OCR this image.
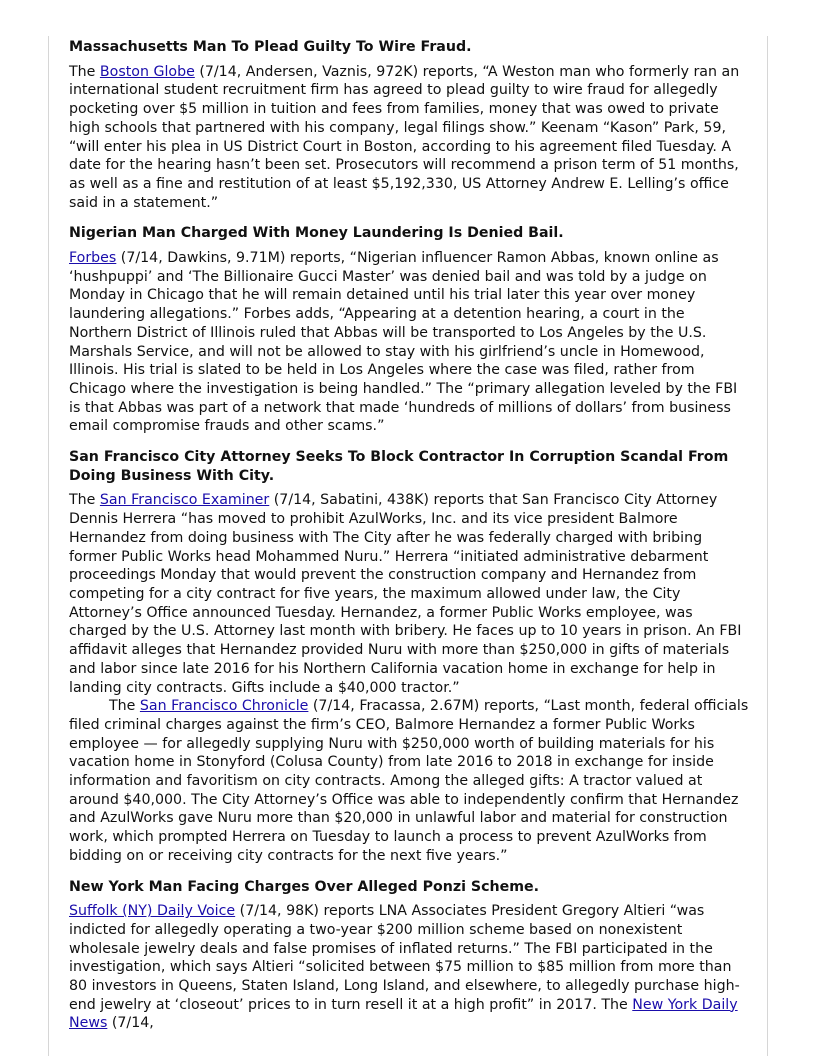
Massachusetts Man To Plead Guilty To Wire Fraud.

The Boston Globe (7/14, Andersen, Vaznis, 972K) reports, “A Weston man who formerly ran an international student recruitment firm has agreed to plead guilty to wire fraud for allegedly pocketing over $5 million in tuition and fees from families, money that was owed to private high schools that partnered with his company, legal filings show.” Keenam “Kason” Park, 59, “will enter his plea in US District Court in Boston, according to his agreement filed Tuesday. A date for the hearing hasn’t been set. Prosecutors will recommend a prison term of 51 months, as well as a fine and restitution of at least $5,192,330, US Attorney Andrew E. Lelling’s office said in a statement.”

Nigerian Man Charged With Money Laundering Is Denied Bail.

Forbes (7/14, Dawkins, 9.71M) reports, “Nigerian influencer Ramon Abbas, known online as ‘hushpuppi’ and ‘The Billionaire Gucci Master’ was denied bail and was told by a judge on Monday in Chicago that he will remain detained until his trial later this year over money laundering allegations.” Forbes adds, “Appearing at a detention hearing, a court in the Northern District of Illinois ruled that Abbas will be transported to Los Angeles by the U.S. Marshals Service, and will not be allowed to stay with his girlfriend’s uncle in Homewood, Illinois. His trial is slated to be held in Los Angeles where the case was filed, rather from Chicago where the investigation is being handled.” The “primary allegation leveled by the FBI is that Abbas was part of a network that made ‘hundreds of millions of dollars’ from business email compromise frauds and other scams.”

San Francisco City Attorney Seeks To Block Contractor In Corruption Scandal From Doing Business With City.

The San Francisco Examiner (7/14, Sabatini, 438K) reports that San Francisco City Attorney Dennis Herrera “has moved to prohibit AzulWorks, Inc. and its vice president Balmore Hernandez from doing business with The City after he was federally charged with bribing former Public Works head Mohammed Nuru.” Herrera “initiated administrative debarment proceedings Monday that would prevent the construction company and Hernandez from competing for a city contract for five years, the maximum allowed under law, the City Attorney’s Office announced Tuesday. Hernandez, a former Public Works employee, was charged by the U.S. Attorney last month with bribery. He faces up to 10 years in prison. An FBI affidavit alleges that Hernandez provided Nuru with more than $250,000 in gifts of materials and labor since late 2016 for his Northern California vacation home in exchange for help in landing city contracts. Gifts include a $40,000 tractor.”

The San Francisco Chronicle (7/14, Fracassa, 2.67M) reports, “Last month, federal officials filed criminal charges against the firm’s CEO, Balmore Hernandez a former Public Works employee — for allegedly supplying Nuru with $250,000 worth of building materials for his vacation home in Stonyford (Colusa County) from late 2016 to 2018 in exchange for inside information and favoritism on city contracts. Among the alleged gifts: A tractor valued at around $40,000. The City Attorney’s Office was able to independently confirm that Hernandez and AzulWorks gave Nuru more than $20,000 in unlawful labor and material for construction work, which prompted Herrera on Tuesday to launch a process to prevent AzulWorks from bidding on or receiving city contracts for the next five years.”

New York Man Facing Charges Over Alleged Ponzi Scheme.

Suffolk (NY) Daily Voice (7/14, 98K) reports LNA Associates President Gregory Altieri “was indicted for allegedly operating a two-year $200 million scheme based on nonexistent wholesale jewelry deals and false promises of inflated returns.” The FBI participated in the investigation, which says Altieri “solicited between $75 million to $85 million from more than 80 investors in Queens, Staten Island, Long Island, and elsewhere, to allegedly purchase high-end jewelry at ‘closeout’ prices to in turn resell it at a high profit” in 2017. The New York Daily News (7/14,
